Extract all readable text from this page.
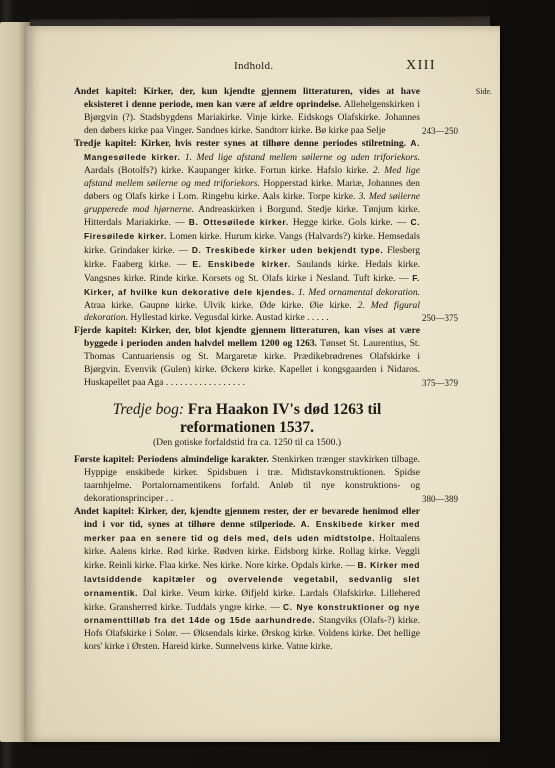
Indhold.	XIII
Side.

Andet kapitel: Kirker, der, kun kjendte gjennem litteraturen, vides at have eksisteret i denne periode, men kan være af ældre oprindelse. Allehelgenskirken i Bjørgvin (?). Stadsbygdens Mariakirke. Vinje kirke. Eidskogs Olafskirke. Johannes den døbers kirke paa Vinger. Sandnes kirke. Sandtorr kirke. Bø kirke paa Selje	243—250

Tredje kapitel: Kirker, hvis rester synes at tilhøre denne periodes stilretning. A. Mangesøilede kirker. 1. Med lige afstand mellem søilerne og uden triforiekors. Aardals (Botolfs?) kirke. Kaupanger kirke. Fortun kirke. Hafslo kirke. 2. Med lige afstand mellem søilerne og med triforiekors. Hopperstad kirke. Mariæ, Johannes den døbers og Olafs kirke i Lom. Ringebu kirke. Aals kirke. Torpe kirke. 3. Med søilerne grupperede mod hjørnerne. Andreaskirken i Borgund. Stedje kirke. Tønjum kirke. Hitterdals Mariakirke. — B. Ottesøilede kirker. Hegge kirke. Gols kirke. — C. Firesøilede kirker. Lomen kirke. Hurum kirke. Vangs (Halvards?) kirke. Hemsedals kirke. Grindaker kirke. — D. Treskibede kirker uden bekjendt type. Flesberg kirke. Faaberg kirke. — E. Enskibede kirker. Saulands kirke. Hedals kirke. Vangsnes kirke. Rinde kirke. Korsets og St. Olafs kirke i Nesland. Tuft kirke. — F. Kirker, af hvilke kun dekorative dele kjendes. 1. Med ornamental dekoration. Atraa kirke. Gaupne kirke. Ulvik kirke. Øde kirke. Øie kirke. 2. Med figural dekoration. Hyllestad kirke. Vegusdal kirke. Austad kirke . . . . .	250—375

Fjerde kapitel: Kirker, der, blot kjendte gjennem litteraturen, kan vises at være byggede i perioden anden halvdel mellem 1200 og 1263. Tønset St. Laurentius, St. Thomas Cantuariensis og St. Margaretæ kirke. Prædikebrødrenes Olafskirke i Bjørgvin. Evenvik (Gulen) kirke. Øckerø kirke. Kapellet i kongsgaarden i Nidaros. Huskapellet paa Aga . . . . . . . . . . . . . . . . .	375—379
Tredje bog: Fra Haakon IV's død 1263 til reformationen 1537.
(Den gotiske forfaldstid fra ca. 1250 til ca 1500.)

Første kapitel: Periodens almindelige karakter. Stenkirken trænger stavkirken tilbage. Hyppige enskibede kirker. Spidsbuen i træ. Midtstavkonstruktionen. Spidse taarnhjelme. Portalornamentikens forfald. Anløb til nye konstruktions- og dekorationsprinciper . .	380—389

Andet kapitel: Kirker, der, kjendte gjennem rester, der er bevarede henimod eller ind i vor tid, synes at tilhøre denne stilperiode. A. Enskibede kirker med merker paa en senere tid og dels med, dels uden midtstolpe. Holtaalens kirke. Aalens kirke. Rød kirke. Rødven kirke. Eidsborg kirke. Rollag kirke. Veggli kirke. Reinli kirke. Flaa kirke. Nes kirke. Nore kirke. Opdals kirke. — B. Kirker med lavtsiddende kapitæler og overvelende vegetabil, sedvanlig slet ornamentik. Dal kirke. Veum kirke. Øifjeld kirke. Lardals Olafskirke. Lillehered kirke. Gransherred kirke. Tuddals yngre kirke. — C. Nye konstruktioner og nye ornamenttilløb fra det 14de og 15de aarhundrede. Stangviks (Olafs-?) kirke. Hofs Olafskirke i Solør. — Øksendals kirke. Ørskog kirke. Voldens kirke. Det hellige kors' kirke i Ørsten. Hareid kirke. Sunnelvens kirke. Vatne kirke.
